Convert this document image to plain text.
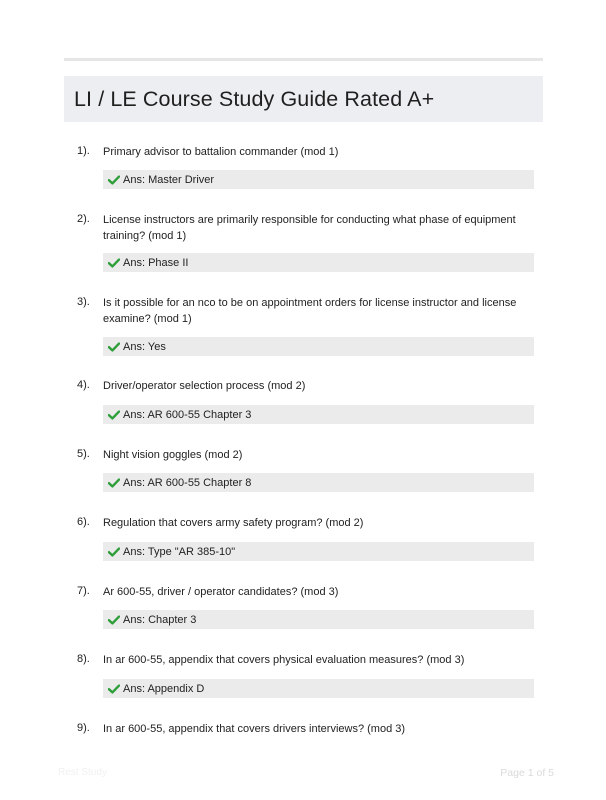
LI / LE Course Study Guide Rated A+
1). Primary advisor to battalion commander (mod 1)
Ans: Master Driver
2). License instructors are primarily responsible for conducting what phase of equipment training? (mod 1)
Ans: Phase II
3). Is it possible for an nco to be on appointment orders for license instructor and license examine? (mod 1)
Ans: Yes
4). Driver/operator selection process (mod 2)
Ans: AR 600-55 Chapter 3
5). Night vision goggles (mod 2)
Ans: AR 600-55 Chapter 8
6). Regulation that covers army safety program? (mod 2)
Ans: Type "AR 385-10"
7). Ar 600-55, driver / operator candidates? (mod 3)
Ans: Chapter 3
8). In ar 600-55, appendix that covers physical evaluation measures? (mod 3)
Ans: Appendix D
9). In ar 600-55, appendix that covers drivers interviews? (mod 3)
Rest Study	Page 1 of 5
